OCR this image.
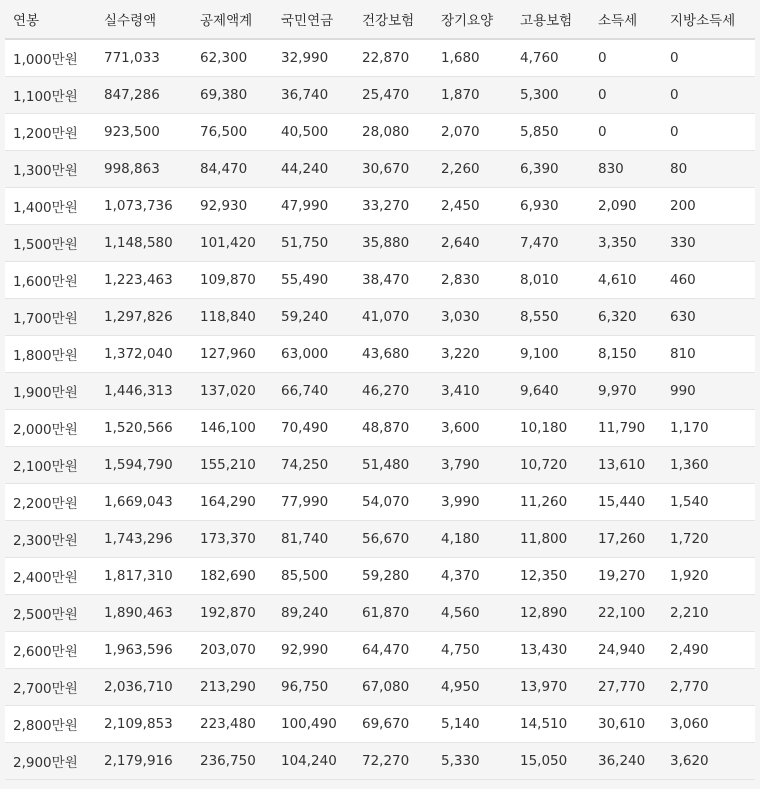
연봉	실수령액	공제액계	국민연금	건강보험	장기요양	고용보험	소득세	지방소득세
1,000만원	771,033	62,300	32,990	22,870	1,680	4,760	0	0
1,100만원	847,286	69,380	36,740	25,470	1,870	5,300	0	0
1,200만원	923,500	76,500	40,500	28,080	2,070	5,850	0	0
1,300만원	998,863	84,470	44,240	30,670	2,260	6,390	830	80
1,400만원	1,073,736	92,930	47,990	33,270	2,450	6,930	2,090	200
1,500만원	1,148,580	101,420	51,750	35,880	2,640	7,470	3,350	330
1,600만원	1,223,463	109,870	55,490	38,470	2,830	8,010	4,610	460
1,700만원	1,297,826	118,840	59,240	41,070	3,030	8,550	6,320	630
1,800만원	1,372,040	127,960	63,000	43,680	3,220	9,100	8,150	810
1,900만원	1,446,313	137,020	66,740	46,270	3,410	9,640	9,970	990
2,000만원	1,520,566	146,100	70,490	48,870	3,600	10,180	11,790	1,170
2,100만원	1,594,790	155,210	74,250	51,480	3,790	10,720	13,610	1,360
2,200만원	1,669,043	164,290	77,990	54,070	3,990	11,260	15,440	1,540
2,300만원	1,743,296	173,370	81,740	56,670	4,180	11,800	17,260	1,720
2,400만원	1,817,310	182,690	85,500	59,280	4,370	12,350	19,270	1,920
2,500만원	1,890,463	192,870	89,240	61,870	4,560	12,890	22,100	2,210
2,600만원	1,963,596	203,070	92,990	64,470	4,750	13,430	24,940	2,490
2,700만원	2,036,710	213,290	96,750	67,080	4,950	13,970	27,770	2,770
2,800만원	2,109,853	223,480	100,490	69,670	5,140	14,510	30,610	3,060
2,900만원	2,179,916	236,750	104,240	72,270	5,330	15,050	36,240	3,620
